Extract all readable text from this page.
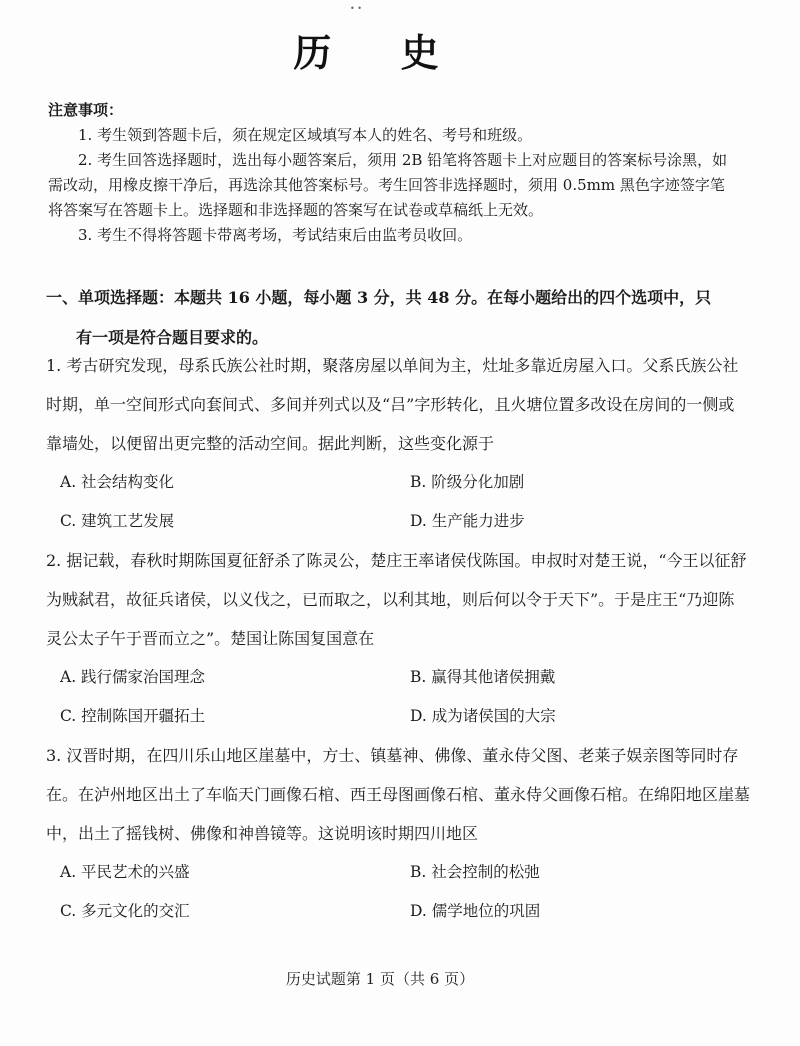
• •
历 史
注意事项：

1. 考生领到答题卡后，须在规定区域填写本人的姓名、考号和班级。

2. 考生回答选择题时，选出每小题答案后，须用 2B 铅笔将答题卡上对应题目的答案标号涂黑，如需改动，用橡皮擦干净后，再选涂其他答案标号。考生回答非选择题时，须用 0.5mm 黑色字迹签字笔将答案写在答题卡上。选择题和非选择题的答案写在试卷或草稿纸上无效。

3. 考生不得将答题卡带离考场，考试结束后由监考员收回。

一、单项选择题：本题共 16 小题，每小题 3 分，共 48 分。在每小题给出的四个选项中，只
有一项是符合题目要求的。

1. 考古研究发现，母系氏族公社时期，聚落房屋以单间为主，灶址多靠近房屋入口。父系氏族公社时期，单一空间形式向套间式、多间并列式以及“吕”字形转化，且火塘位置多改设在房间的一侧或靠墙处，以便留出更完整的活动空间。据此判断，这些变化源于

A. 社会结构变化	B. 阶级分化加剧
C. 建筑工艺发展	D. 生产能力进步

2. 据记载，春秋时期陈国夏征舒杀了陈灵公，楚庄王率诸侯伐陈国。申叔时对楚王说，“今王以征舒为贼弑君，故征兵诸侯，以义伐之，已而取之，以利其地，则后何以令于天下”。于是庄王“乃迎陈灵公太子午于晋而立之”。楚国让陈国复国意在

A. 践行儒家治国理念	B. 赢得其他诸侯拥戴
C. 控制陈国开疆拓土	D. 成为诸侯国的大宗

3. 汉晋时期，在四川乐山地区崖墓中，方士、镇墓神、佛像、董永侍父图、老莱子娱亲图等同时存在。在泸州地区出土了车临天门画像石棺、西王母图画像石棺、董永侍父画像石棺。在绵阳地区崖墓中，出土了摇钱树、佛像和神兽镜等。这说明该时期四川地区

A. 平民艺术的兴盛	B. 社会控制的松弛
C. 多元文化的交汇	D. 儒学地位的巩固
历史试题第 1 页（共 6 页）
